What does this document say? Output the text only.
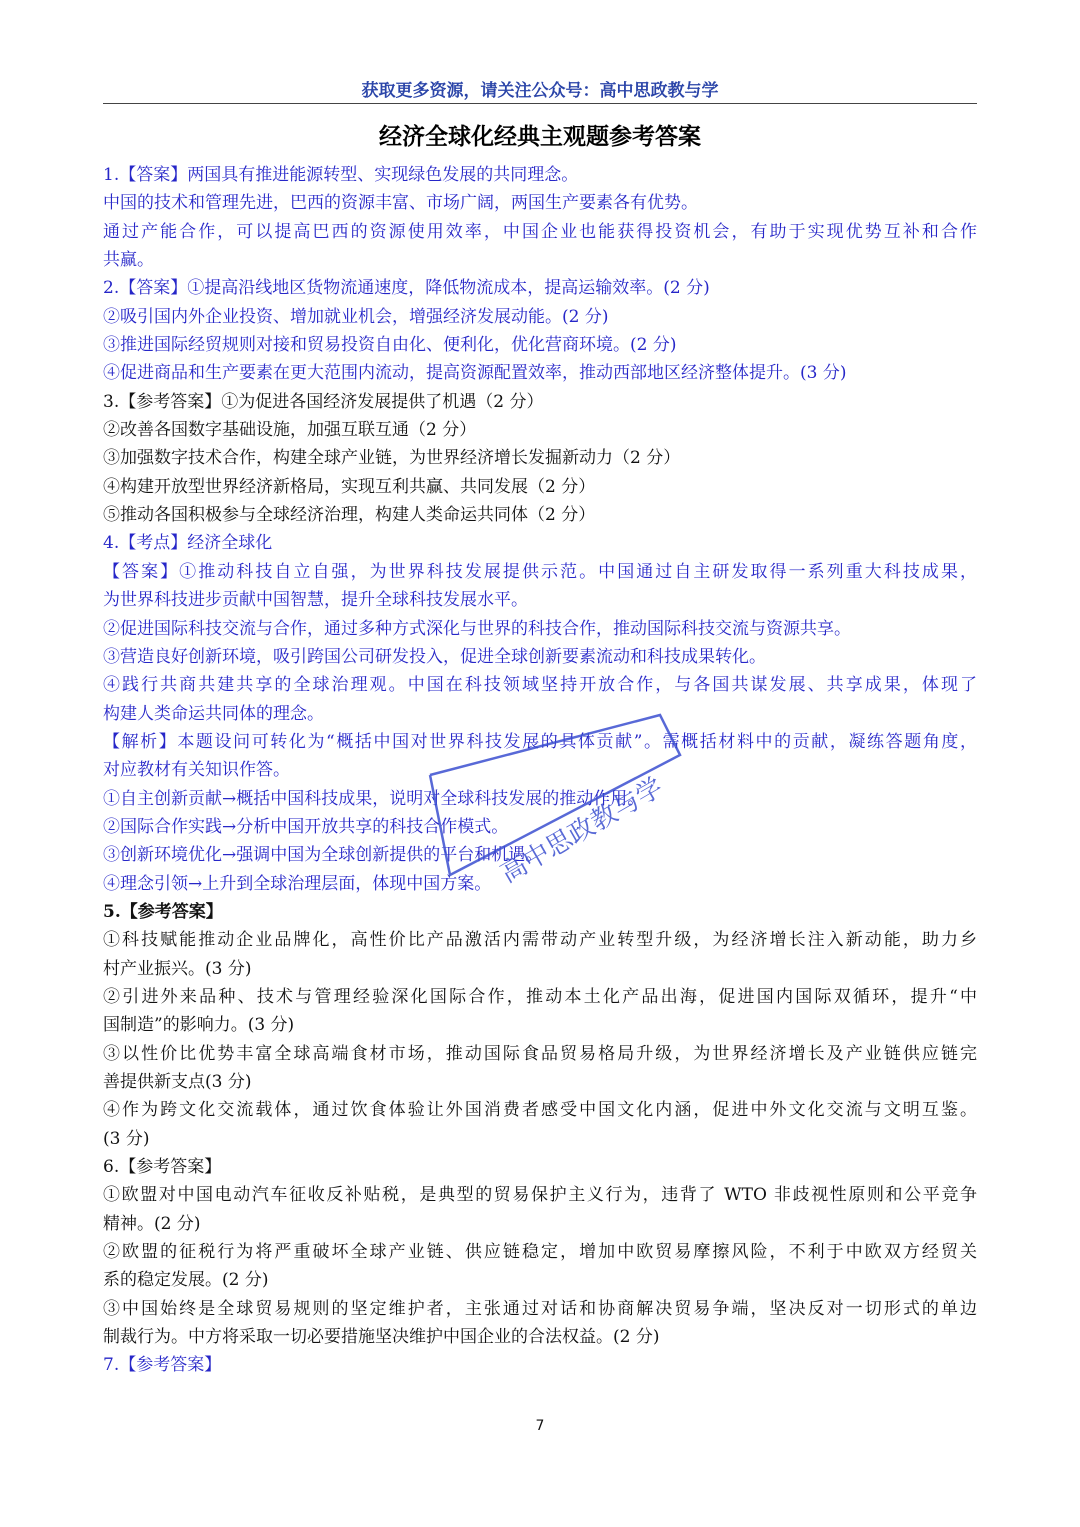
获取更多资源，请关注公众号：高中思政教与学
经济全球化经典主观题参考答案
1.【答案】两国具有推进能源转型、实现绿色发展的共同理念。
中国的技术和管理先进，巴西的资源丰富、市场广阔，两国生产要素各有优势。
通过产能合作，可以提高巴西的资源使用效率，中国企业也能获得投资机会，有助于实现优势互补和合作
共赢。
2.【答案】①提高沿线地区货物流通速度，降低物流成本，提高运输效率。(2 分)
②吸引国内外企业投资、增加就业机会，增强经济发展动能。(2 分)
③推进国际经贸规则对接和贸易投资自由化、便利化，优化营商环境。(2 分)
④促进商品和生产要素在更大范围内流动，提高资源配置效率，推动西部地区经济整体提升。(3 分)
3.【参考答案】①为促进各国经济发展提供了机遇（2 分）
②改善各国数字基础设施，加强互联互通（2 分）
③加强数字技术合作，构建全球产业链，为世界经济增长发掘新动力（2 分）
④构建开放型世界经济新格局，实现互利共赢、共同发展（2 分）
⑤推动各国积极参与全球经济治理，构建人类命运共同体（2 分）
4.【考点】经济全球化
【答案】①推动科技自立自强，为世界科技发展提供示范。中国通过自主研发取得一系列重大科技成果，
为世界科技进步贡献中国智慧，提升全球科技发展水平。
②促进国际科技交流与合作，通过多种方式深化与世界的科技合作，推动国际科技交流与资源共享。
③营造良好创新环境，吸引跨国公司研发投入，促进全球创新要素流动和科技成果转化。
④践行共商共建共享的全球治理观。中国在科技领域坚持开放合作，与各国共谋发展、共享成果，体现了
构建人类命运共同体的理念。
【解析】本题设问可转化为“概括中国对世界科技发展的具体贡献”。需概括材料中的贡献，凝练答题角度，
对应教材有关知识作答。
①自主创新贡献→概括中国科技成果，说明对全球科技发展的推动作用。
②国际合作实践→分析中国开放共享的科技合作模式。
③创新环境优化→强调中国为全球创新提供的平台和机遇。
④理念引领→上升到全球治理层面，体现中国方案。
5.【参考答案】
①科技赋能推动企业品牌化，高性价比产品激活内需带动产业转型升级，为经济增长注入新动能，助力乡
村产业振兴。(3 分)
②引进外来品种、技术与管理经验深化国际合作，推动本土化产品出海，促进国内国际双循环，提升“中
国制造”的影响力。(3 分)
③以性价比优势丰富全球高端食材市场，推动国际食品贸易格局升级，为世界经济增长及产业链供应链完
善提供新支点(3 分)
④作为跨文化交流载体，通过饮食体验让外国消费者感受中国文化内涵，促进中外文化交流与文明互鉴。
(3 分)
6.【参考答案】
①欧盟对中国电动汽车征收反补贴税，是典型的贸易保护主义行为，违背了 WTO 非歧视性原则和公平竞争
精神。(2 分)
②欧盟的征税行为将严重破坏全球产业链、供应链稳定，增加中欧贸易摩擦风险，不利于中欧双方经贸关
系的稳定发展。(2 分)
③中国始终是全球贸易规则的坚定维护者，主张通过对话和协商解决贸易争端，坚决反对一切形式的单边
制裁行为。中方将采取一切必要措施坚决维护中国企业的合法权益。(2 分)
7.【参考答案】
高中思政教与学
7
